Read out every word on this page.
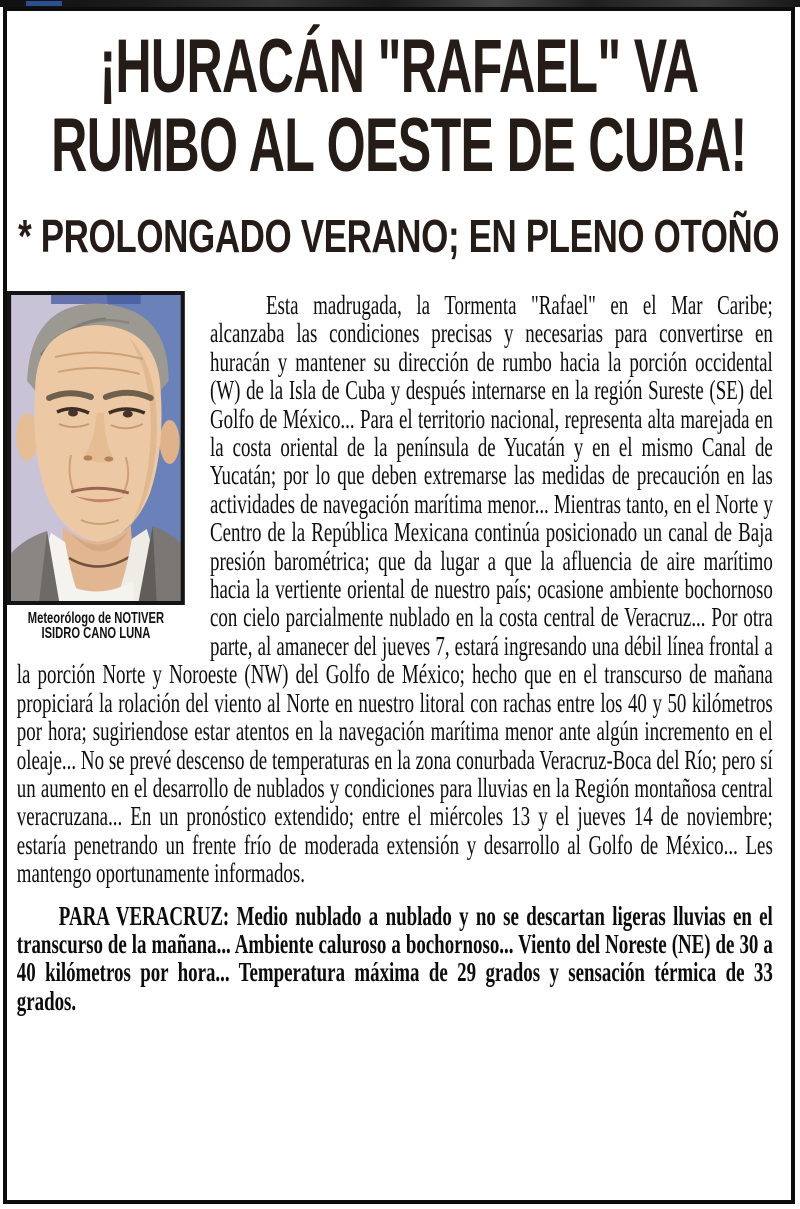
¡HURACÁN "RAFAEL" VA
RUMBO AL OESTE DE CUBA!
* PROLONGADO VERANO; EN PLENO OTOÑO
Meteorólogo de NOTIVER
ISIDRO CANO LUNA

Esta madrugada, la Tormenta "Rafael" en el Mar Caribe; alcanzaba las condiciones precisas y necesarias para convertirse en huracán y mantener su dirección de rumbo hacia la porción occidental (W) de la Isla de Cuba y después internarse en la región Sureste (SE) del Golfo de México... Para el territorio nacional, representa alta marejada en la costa oriental de la península de Yucatán y en el mismo Canal de Yucatán; por lo que deben extremarse las medidas de precaución en las actividades de navegación marítima menor... Mientras tanto, en el Norte y Centro de la República Mexicana continúa posicionado un canal de Baja presión barométrica; que da lugar a que la afluencia de aire marítimo hacia la vertiente oriental de nuestro país; ocasione ambiente bochornoso con cielo parcialmente nublado en la costa central de Veracruz... Por otra parte, al amanecer del jueves 7, estará ingresando una débil línea frontal a la porción Norte y Noroeste (NW) del Golfo de México; hecho que en el transcurso de mañana propiciará la rolación del viento al Norte en nuestro litoral con rachas entre los 40 y 50 kilómetros por hora; sugiriendose estar atentos en la navegación marítima menor ante algún incremento en el oleaje... No se prevé descenso de temperaturas en la zona conurbada Veracruz-Boca del Río; pero sí un aumento en el desarrollo de nublados y condiciones para lluvias en la Región montañosa central veracruzana... En un pronóstico extendido; entre el miércoles 13 y el jueves 14 de noviembre; estaría penetrando un frente frío de moderada extensión y desarrollo al Golfo de México... Les mantengo oportunamente informados.

PARA VERACRUZ: Medio nublado a nublado y no se descartan ligeras lluvias en el transcurso de la mañana... Ambiente caluroso a bochornoso... Viento del Noreste (NE) de 30 a 40 kilómetros por hora... Temperatura máxima de 29 grados y sensación térmica de 33 grados.
